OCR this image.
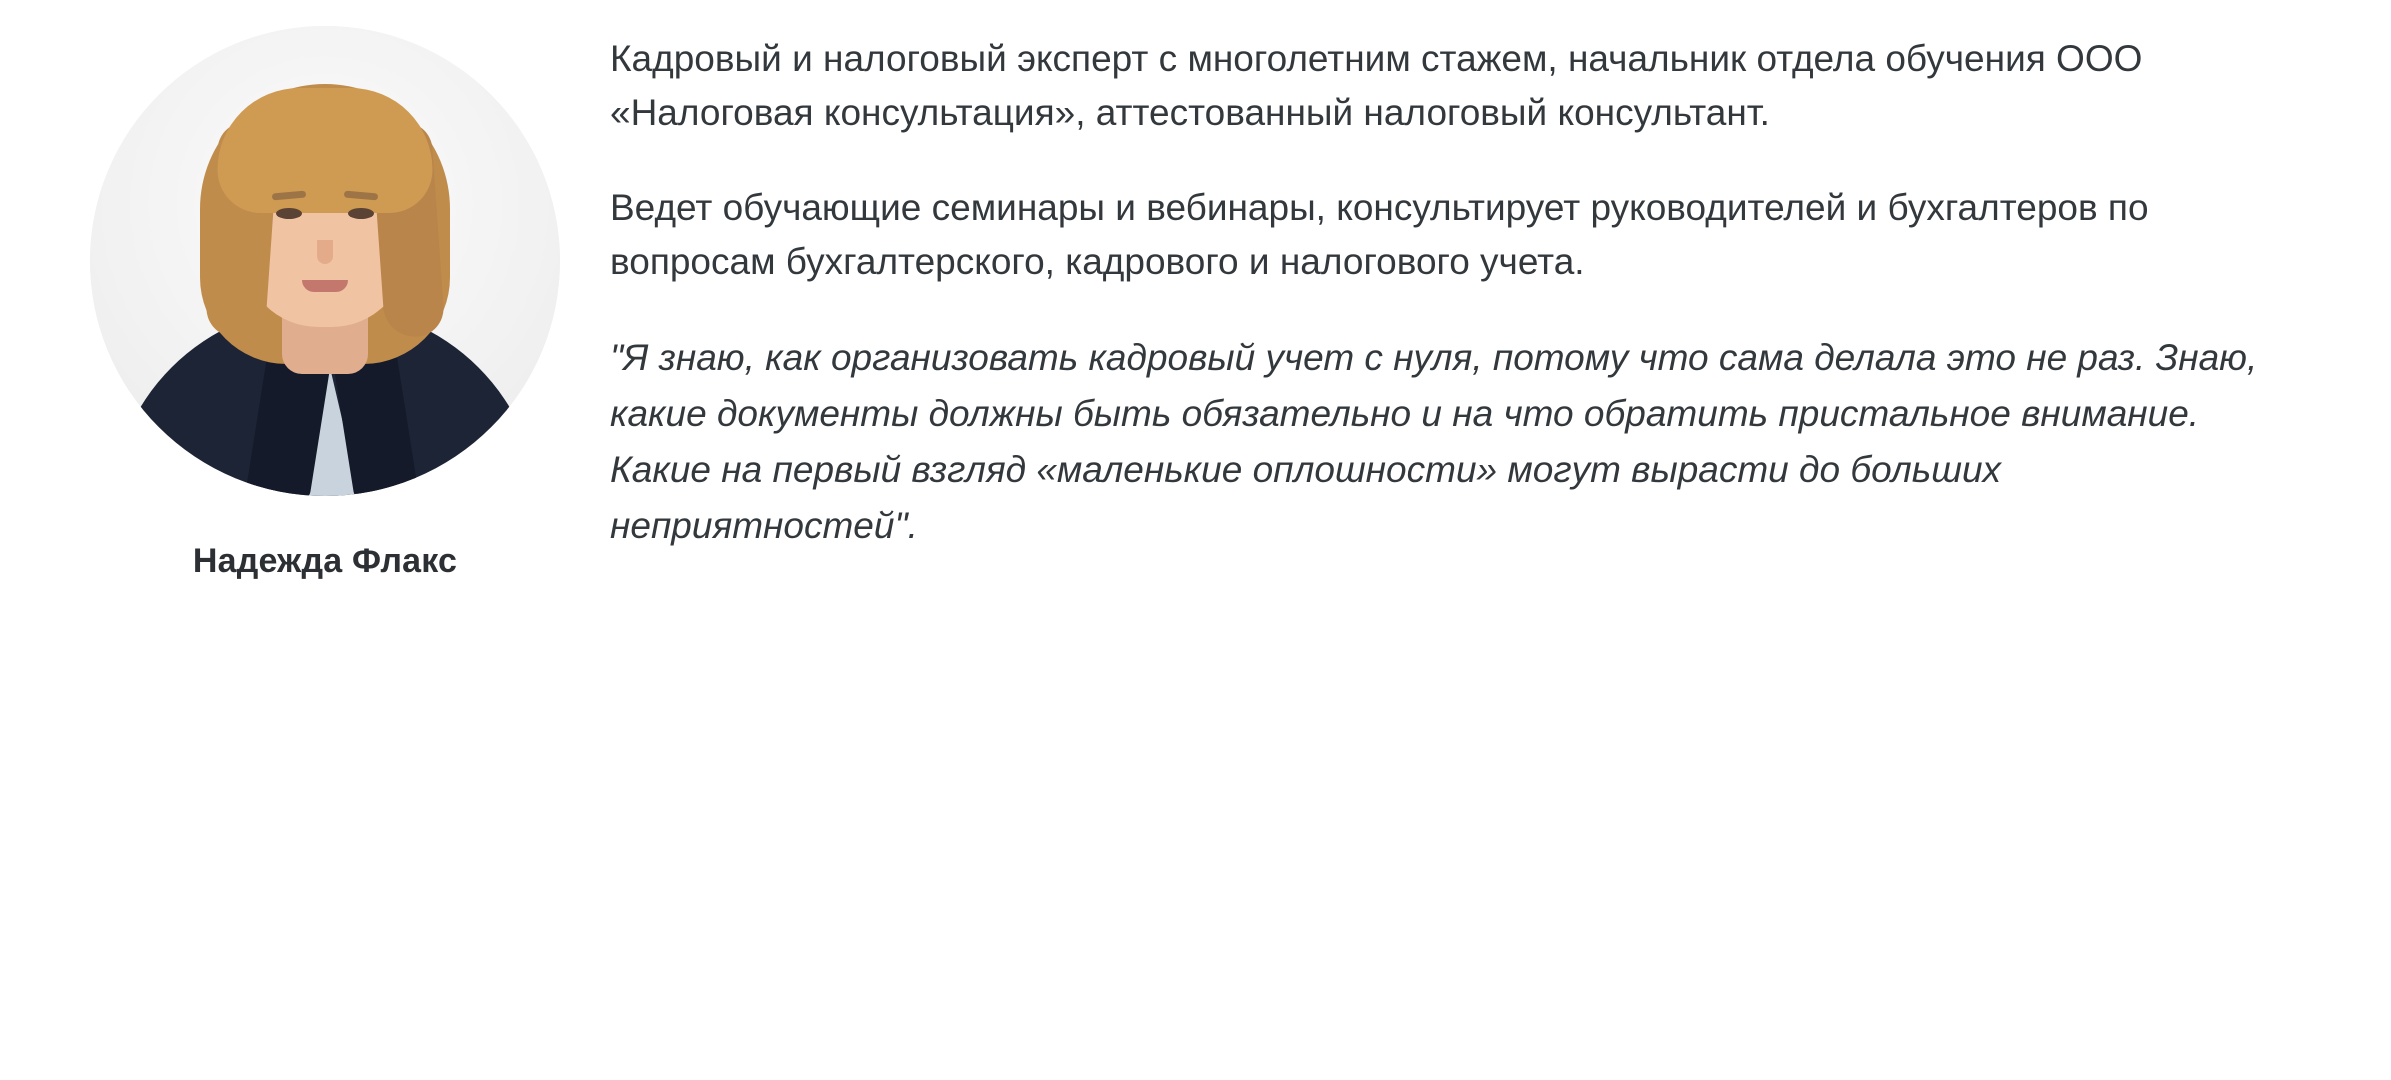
Надежда Флакс

Кадровый и налоговый эксперт с многолетним стажем, начальник отдела обучения ООО «Налоговая консультация», аттестованный налоговый консультант.

Ведет обучающие семинары и вебинары, консультирует руководителей и бухгалтеров по вопросам бухгалтерского, кадрового и налогового учета.

"Я знаю, как организовать кадровый учет с нуля, потому что сама делала это не раз. Знаю, какие документы должны быть обязательно и на что обратить пристальное внимание. Какие на первый взгляд «маленькие оплошности» могут вырасти до больших неприятностей".
